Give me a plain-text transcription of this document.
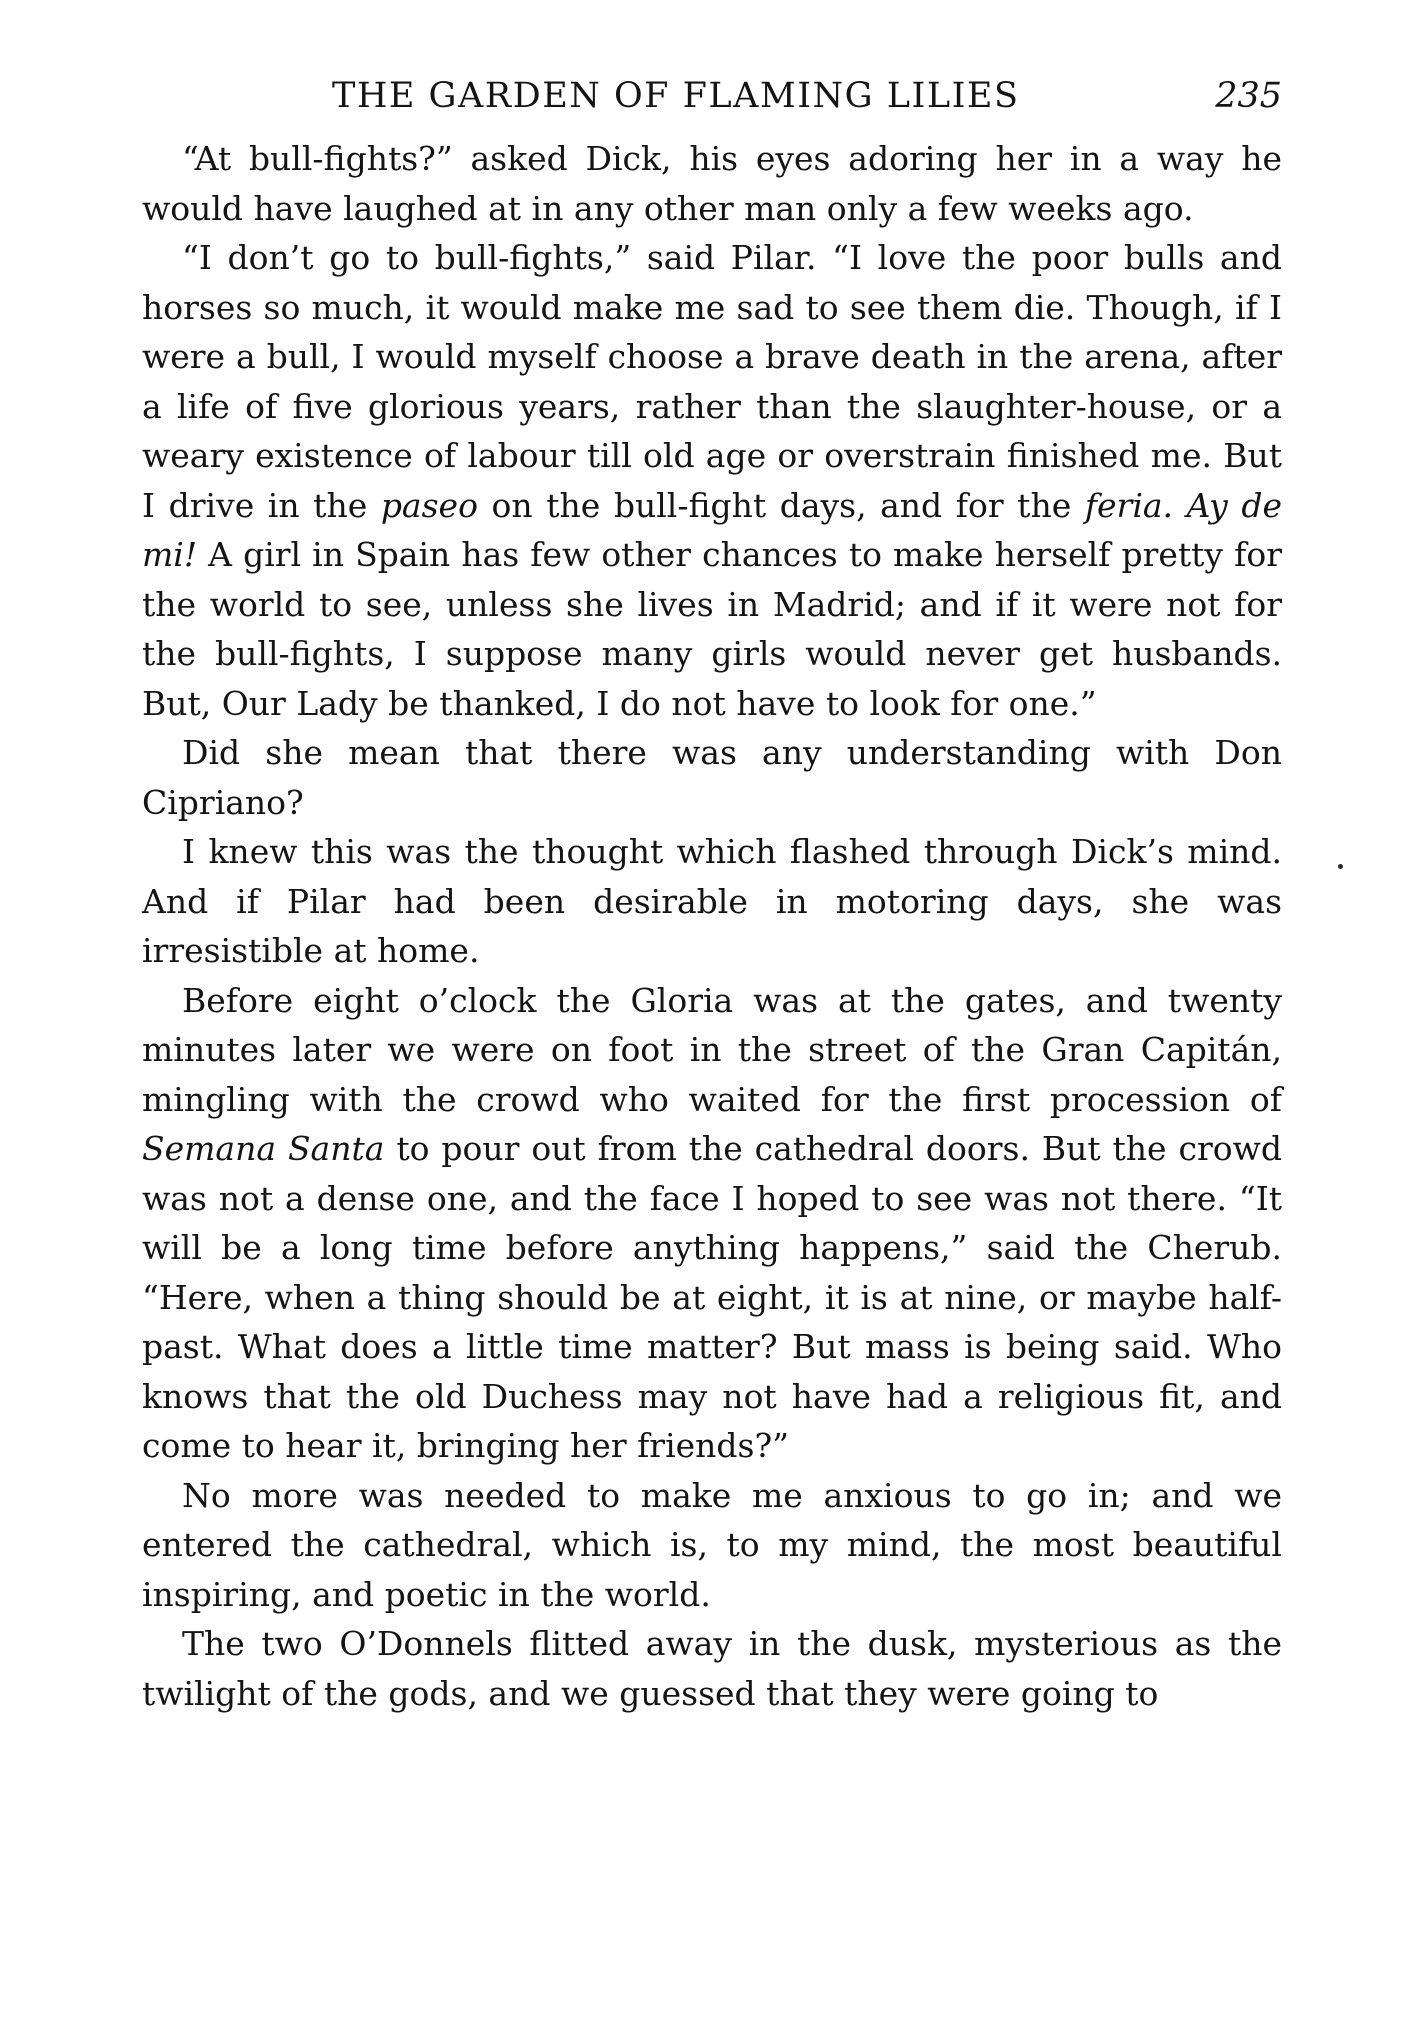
THE GARDEN OF FLAMING LILIES	235

“At bull-fights?” asked Dick, his eyes adoring her in a way he would have laughed at in any other man only a few weeks ago.

“I don’t go to bull-fights,” said Pilar. “I love the poor bulls and horses so much, it would make me sad to see them die. Though, if I were a bull, I would myself choose a brave death in the arena, after a life of five glorious years, rather than the slaughter-house, or a weary existence of labour till old age or overstrain finished me. But I drive in the paseo on the bull-fight days, and for the feria. Ay de mi! A girl in Spain has few other chances to make herself pretty for the world to see, unless she lives in Madrid; and if it were not for the bull-fights, I suppose many girls would never get husbands. But, Our Lady be thanked, I do not have to look for one.”

Did she mean that there was any understanding with Don Cipriano?

I knew this was the thought which flashed through Dick’s mind. And if Pilar had been desirable in motoring days, she was irresistible at home.

Before eight o’clock the Gloria was at the gates, and twenty minutes later we were on foot in the street of the Gran Capitán, mingling with the crowd who waited for the first procession of Semana Santa to pour out from the cathedral doors. But the crowd was not a dense one, and the face I hoped to see was not there. “It will be a long time before anything happens,” said the Cherub. “Here, when a thing should be at eight, it is at nine, or maybe half-past. What does a little time matter? But mass is being said. Who knows that the old Duchess may not have had a religious fit, and come to hear it, bringing her friends?”

No more was needed to make me anxious to go in; and we entered the cathedral, which is, to my mind, the most beautiful inspiring, and poetic in the world.

The two O’Donnels flitted away in the dusk, mysterious as the twilight of the gods, and we guessed that they were going to
